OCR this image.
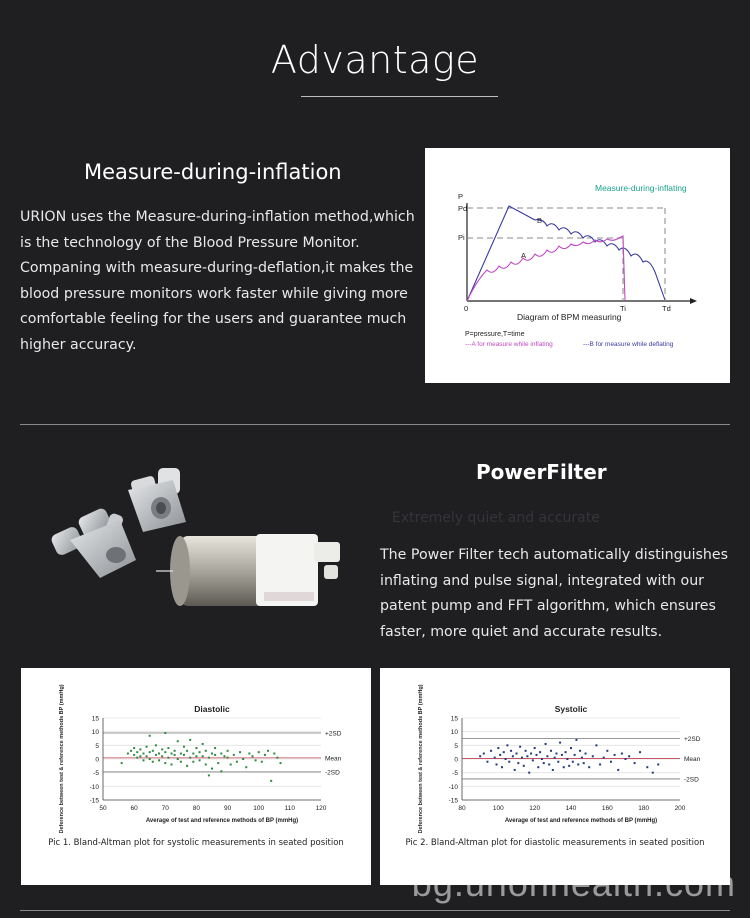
Advantage
Measure-during-inflation
URION uses the Measure-during-inflation method,which is the technology of the Blood Pressure Monitor. Companing with measure-during-deflation,it makes the blood pressure monitors work faster while giving more comfortable feeling for the users and guarantee much higher accuracy.
Measure-during-inflating
P
Pd
Pi
0	Ti	Td
B
A
Diagram of BPM measuring
P=pressure,T=time
---A for measure while inflating	---B for measure while deflating
PowerFilter
Extremely quiet and accurate
The Power Filter tech automatically distinguishes inflating and pulse signal, integrated with our patent pump and FFT algorithm, which ensures faster, more quiet and accurate results.
Diastolic
15
10
5
0
-5
-10
-15
50	60	70	80	90	100	110	120
+2SD
Mean
-2SD
Average of test and reference methods of BP (mmHg)
Deference between test & reference methods BP (mmHg)
Pic 1. Bland-Altman plot for systolic measurements in seated position
Systolic
15
10
5
0
-5
-10
-15
80	100	120	140	160	180	200
+2SD
Mean
-2SD
Average of test and reference methods of BP (mmHg)
Deference between test & reference methods BP (mmHg)
Pic 2. Bland-Altman plot for diastolic measurements in seated position
bg.urionhealth.com
